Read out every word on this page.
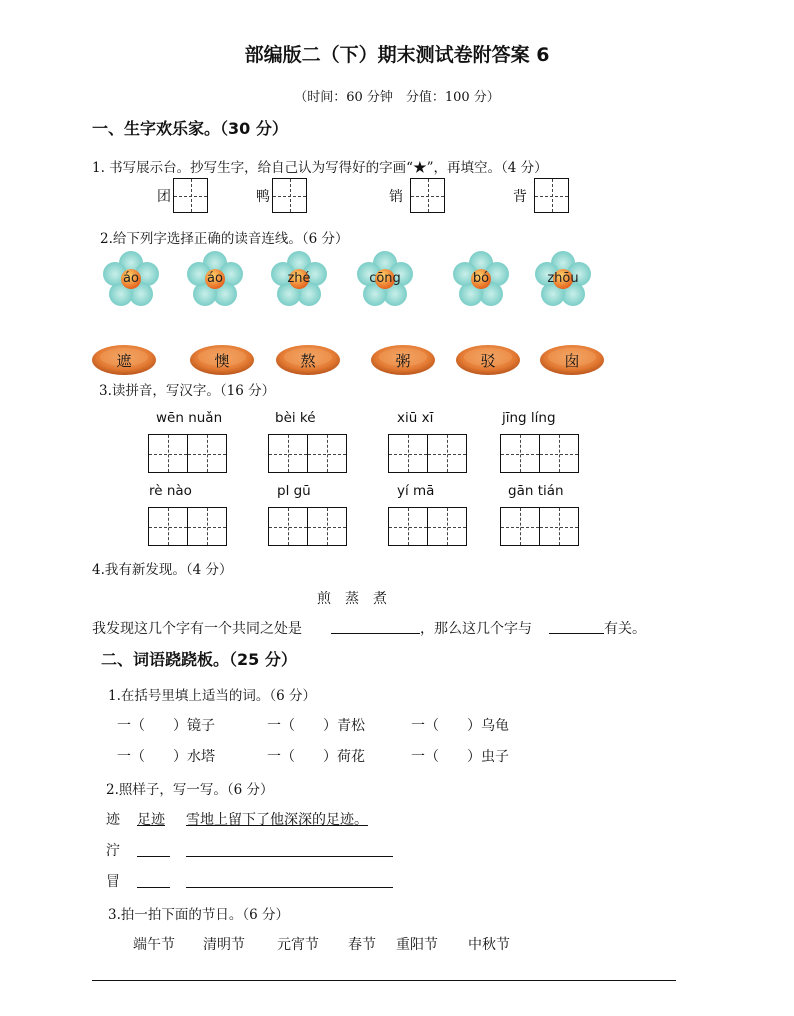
部编版二（下）期末测试卷附答案 6
（时间：60 分钟　分值：100 分）
一、生字欢乐家。（30 分）
1. 书写展示台。抄写生字，给自己认为写得好的字画“★”，再填空。（4 分）
团	鸭	销	背
2.给下列字选择正确的读音连线。（6 分）
áo	áo	zhé	cōng	bó	zhōu
遮	懊	熬	粥	驳	囱
3.读拼音，写汉字。（16 分）
wēn nuǎn	bèi ké	xiū xī	jīng líng
rè nào	pl gū	yí mā	gān tián
4.我有新发现。（4 分）
煎　蒸　煮
我发现这几个字有一个共同之处是	，那么这几个字与	有关。
二、词语跷跷板。（25 分）
1.在括号里填上适当的词。（6 分）
一（　　）镜子	一（　　）青松	一（　　）乌龟
一（　　）水塔	一（　　）荷花	一（　　）虫子
2.照样子，写一写。（6 分）
迹 足迹 雪地上留下了他深深的足迹。
泞
冒
3.拍一拍下面的节日。（6 分）
端午节 清明节 元宵节 春节 重阳节 中秋节
